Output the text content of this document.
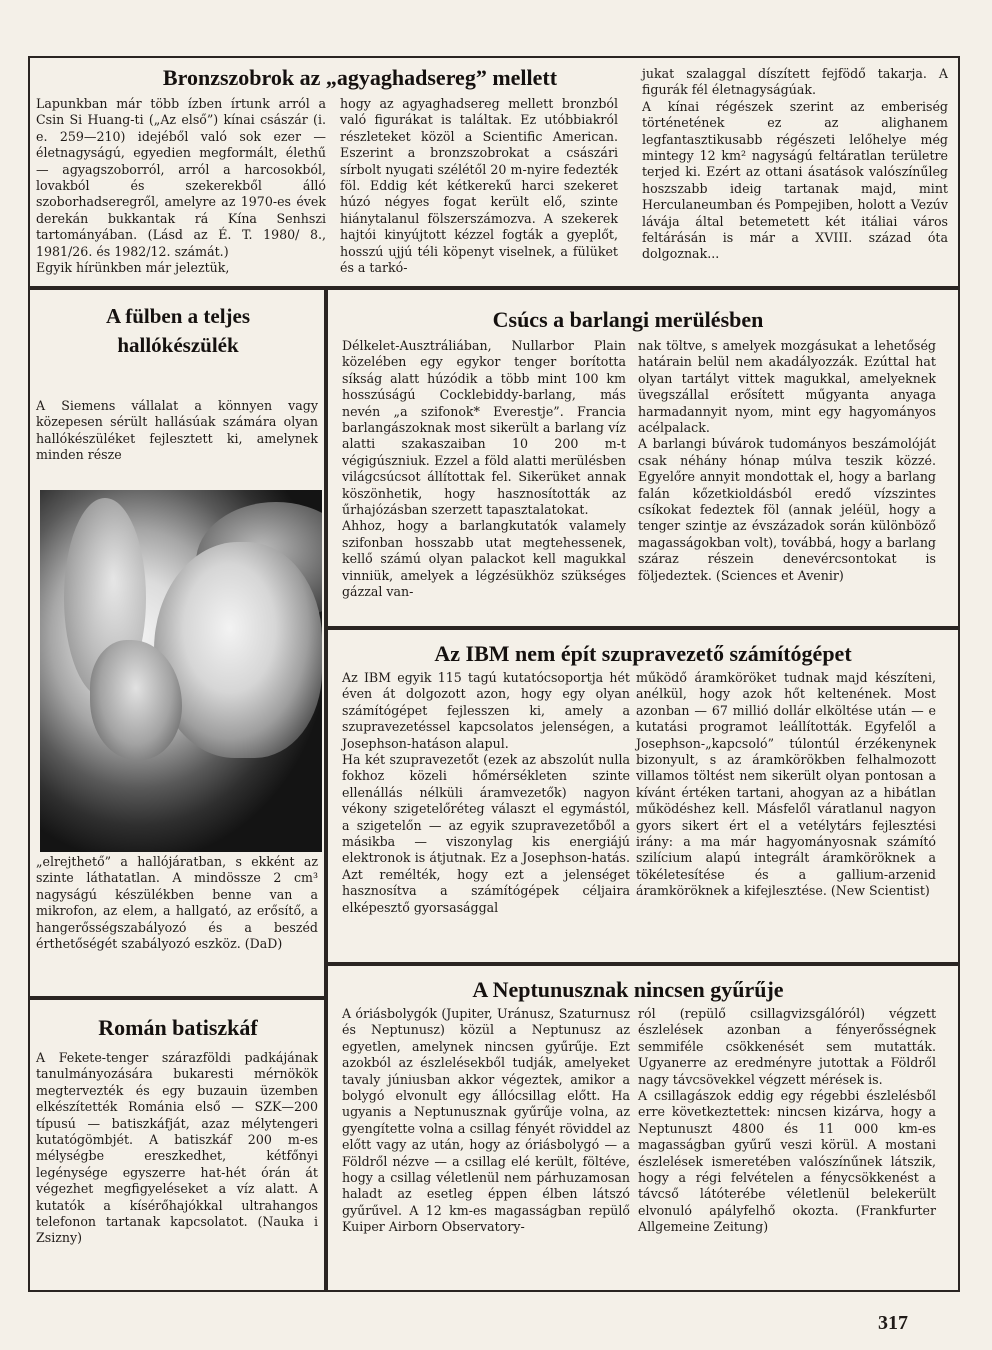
Bronzszobrok az „agyaghadsereg” mellett
Lapunkban már több ízben írtunk arról a Csin Si Huang-ti („Az első”) kínai császár (i. e. 259—210) idejéből való sok ezer — életnagyságú, egyedien megformált, élethű — agyagszoborról, arról a harcosokból, lovakból és szekerekből álló szoborhadseregről, amelyre az 1970-es évek derekán bukkantak rá Kína Senhszi tartományában. (Lásd az É. T. 1980/ 8., 1981/26. és 1982/12. számát.)
Egyik hírünkben már jeleztük,
hogy az agyaghadsereg mellett bronzból való figurákat is találtak. Ez utóbbiakról részleteket közöl a Scientific American. Eszerint a bronzszobrokat a császári sírbolt nyugati szélétől 20 m-nyire fedezték föl. Eddig két kétkerekű harci szekeret húzó négyes fogat került elő, szinte hiánytalanul fölszerszámozva. A szekerek hajtói kinyújtott kézzel fogták a gyeplőt, hosszú ujjú téli köpenyt viselnek, a fülüket és a tarkó-
jukat szalaggal díszített fejfödő takarja. A figurák fél életnagyságúak.
A kínai régészek szerint az emberiség történetének ez az alighanem legfantasztikusabb régészeti lelőhelye még mintegy 12 km² nagyságú feltáratlan területre terjed ki. Ezért az ottani ásatások valószínűleg hoszszabb ideig tartanak majd, mint Herculaneumban és Pompejiben, holott a Vezúv lávája által betemetett két itáliai város feltárásán is már a XVIII. század óta dolgoznak...
A fülben a teljes hallókészülék
A Siemens vállalat a könnyen vagy közepesen sérült hallásúak számára olyan hallókészüléket fejlesztett ki, amelynek minden része
„elrejthető” a hallójáratban, s ekként az szinte láthatatlan. A mindössze 2 cm³ nagyságú készülékben benne van a mikrofon, az elem, a hallgató, az erősítő, a hangerősségszabályozó és a beszéd érthetőségét szabályozó eszköz. (DaD)
Román batiszkáf
A Fekete-tenger szárazföldi padkájának tanulmányozására bukaresti mérnökök megtervezték és egy buzauin üzemben elkészítették Románia első — SZK—200 típusú — batiszkáfját, azaz mélytengeri kutatógömbjét. A batiszkáf 200 m-es mélységbe ereszkedhet, kétfőnyi legénysége egyszerre hat-hét órán át végezhet megfigyeléseket a víz alatt. A kutatók a kísérőhajókkal ultrahangos telefonon tartanak kapcsolatot. (Nauka i Zsizny)
Csúcs a barlangi merülésben
Délkelet-Ausztráliában, Nullarbor Plain közelében egy egykor tenger borította síkság alatt húzódik a több mint 100 km hosszúságú Cocklebiddy-barlang, más nevén „a szifonok* Everestje”. Francia barlangászoknak most sikerült a barlang víz alatti szakaszaiban 10 200 m-t végigúszniuk. Ezzel a föld alatti merülésben világcsúcsot állítottak fel. Sikerüket annak köszönhetik, hogy hasznosították az űrhajózásban szerzett tapasztalatokat.
Ahhoz, hogy a barlangkutatók valamely szifonban hosszabb utat megtehessenek, kellő számú olyan palackot kell magukkal vinniük, amelyek a légzésükhöz szükséges gázzal van-
nak töltve, s amelyek mozgásukat a lehetőség határain belül nem akadályozzák. Ezúttal hat olyan tartályt vittek magukkal, amelyeknek üvegszállal erősített műgyanta anyaga harmadannyit nyom, mint egy hagyományos acélpalack.
A barlangi búvárok tudományos beszámolóját csak néhány hónap múlva teszik közzé. Egyelőre annyit mondottak el, hogy a barlang falán kőzetkioldásból eredő vízszintes csíkokat fedeztek föl (annak jeléül, hogy a tenger szintje az évszázadok során különböző magasságokban volt), továbbá, hogy a barlang száraz részein denevércsontokat is följedeztek. (Sciences et Avenir)
Az IBM nem épít szupravezető számítógépet
Az IBM egyik 115 tagú kutatócsoportja hét éven át dolgozott azon, hogy egy olyan számítógépet fejlesszen ki, amely a szupravezetéssel kapcsolatos jelenségen, a Josephson-hatáson alapul.
Ha két szupravezetőt (ezek az abszolút nulla fokhoz közeli hőmérsékleten szinte ellenállás nélküli áramvezetők) nagyon vékony szigetelőréteg választ el egymástól, a szigetelőn — az egyik szupravezetőből a másikba — viszonylag kis energiájú elektronok is átjutnak. Ez a Josephson-hatás. Azt remélték, hogy ezt a jelenséget hasznosítva a számítógépek céljaira elképesztő gyorsasággal
működő áramköröket tudnak majd készíteni, anélkül, hogy azok hőt keltenének. Most azonban — 67 millió dollár elköltése után — e kutatási programot leállították. Egyfelől a Josephson-„kapcsoló” túlontúl érzékenynek bizonyult, s az áramkörökben felhalmozott villamos töltést nem sikerült olyan pontosan a kívánt értéken tartani, ahogyan az a hibátlan működéshez kell. Másfelől váratlanul nagyon gyors sikert ért el a vetélytárs fejlesztési irány: a ma már hagyományosnak számító szilícium alapú integrált áramköröknek a tökéletesítése és a gallium-arzenid áramköröknek a kifejlesztése. (New Scientist)
A Neptunusznak nincsen gyűrűje
A óriásbolygók (Jupiter, Uránusz, Szaturnusz és Neptunusz) közül a Neptunusz az egyetlen, amelynek nincsen gyűrűje. Ezt azokból az észlelésekből tudják, amelyeket tavaly júniusban akkor végeztek, amikor a bolygó elvonult egy állócsillag előtt. Ha ugyanis a Neptunusznak gyűrűje volna, az gyengítette volna a csillag fényét röviddel az előtt vagy az után, hogy az óriásbolygó — a Földről nézve — a csillag elé került, föltéve, hogy a csillag véletlenül nem párhuzamosan haladt az esetleg éppen élben látszó gyűrűvel. A 12 km-es magasságban repülő Kuiper Airborn Observatory-
ról (repülő csillagvizsgálóról) végzett észlelések azonban a fényerősségnek semmiféle csökkenését sem mutatták. Ugyanerre az eredményre jutottak a Földről nagy távcsövekkel végzett mérések is.
A csillagászok eddig egy régebbi észlelésből erre következtettek: nincsen kizárva, hogy a Neptunuszt 4800 és 11 000 km-es magasságban gyűrű veszi körül. A mostani észlelések ismeretében valószínűnek látszik, hogy a régi felvételen a fénycsökkenést a távcső látóterébe véletlenül belekerült elvonuló apályfelhő okozta. (Frankfurter Allgemeine Zeitung)
317
